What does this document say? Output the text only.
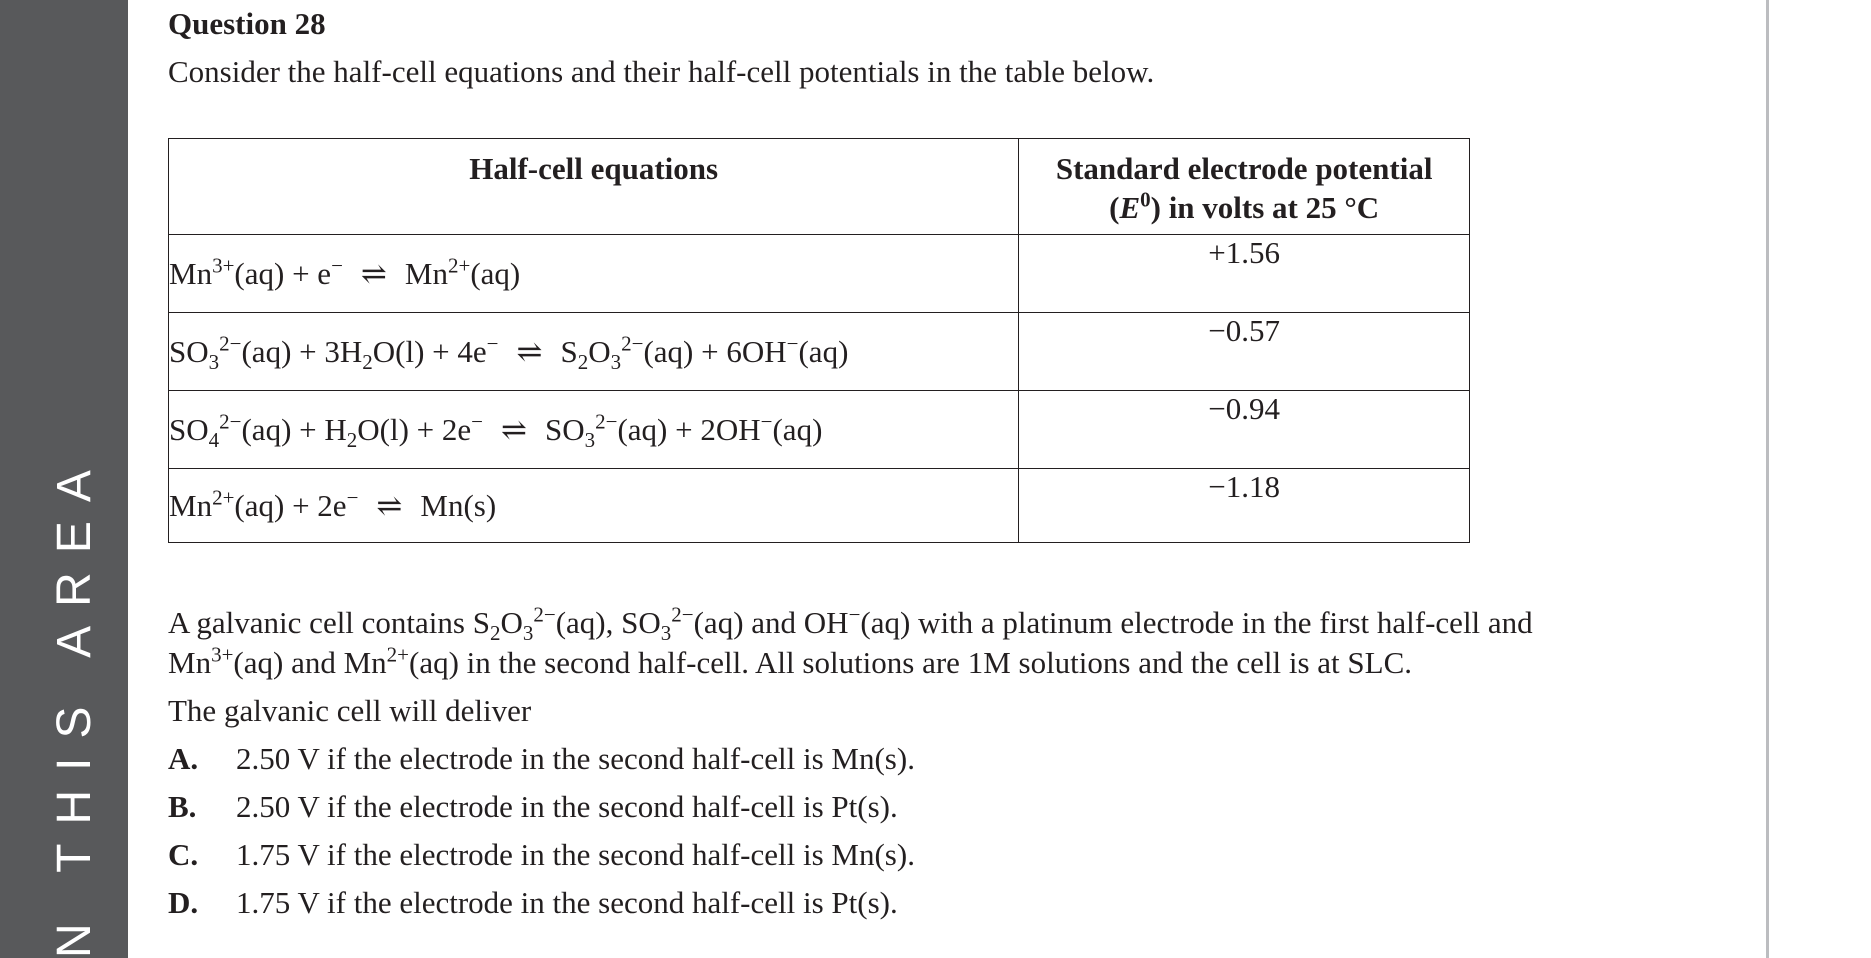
N THIS AREA
Question 28
Consider the half-cell equations and their half-cell potentials in the table below.
Half-cell equations	Standard electrode potential
$(E^0)$ in volts at 25 °C
$Mn^{3+}(aq) + e^-$ ⇌ $Mn^{2+}(aq)$	+1.56
$SO_3^{2-}(aq) + 3H_2O(l) + 4e^-$ ⇌ $S_2O_3^{2-}(aq) + 6OH^-(aq)$	−0.57
$SO_4^{2-}(aq) + H_2O(l) + 2e^-$ ⇌ $SO_3^{2-}(aq) + 2OH^-(aq)$	−0.94
$Mn^{2+}(aq) + 2e^-$ ⇌ Mn(s)	−1.18
A galvanic cell contains $S_2O_3^{2-}(aq)$, $SO_3^{2-}(aq)$ and OH−(aq) with a platinum electrode in the first half-cell and
$Mn^{3+}(aq)$ and $Mn^{2+}(aq)$ in the second half-cell. All solutions are 1M solutions and the cell is at SLC.
The galvanic cell will deliver
A. 2.50 V if the electrode in the second half-cell is Mn(s).
B. 2.50 V if the electrode in the second half-cell is Pt(s).
C. 1.75 V if the electrode in the second half-cell is Mn(s).
D. 1.75 V if the electrode in the second half-cell is Pt(s).
